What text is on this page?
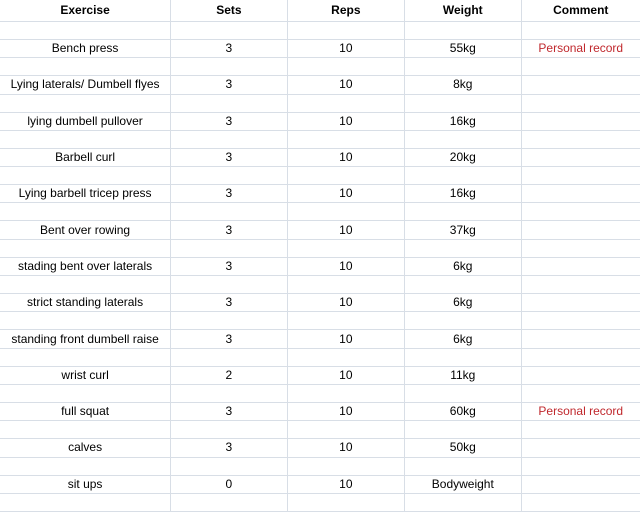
Exercise	Sets	Reps	Weight	Comment

Bench press	3	10	55kg	Personal record

Lying laterals/ Dumbell flyes	3	10	8kg	

lying dumbell pullover	3	10	16kg	

Barbell curl	3	10	20kg	

Lying barbell tricep press	3	10	16kg	

Bent over rowing	3	10	37kg	

stading bent over laterals	3	10	6kg	

strict standing laterals	3	10	6kg	

standing front dumbell raise	3	10	6kg	

wrist curl	2	10	11kg	

full squat	3	10	60kg	Personal record

calves	3	10	50kg	

sit ups	0	10	Bodyweight	
